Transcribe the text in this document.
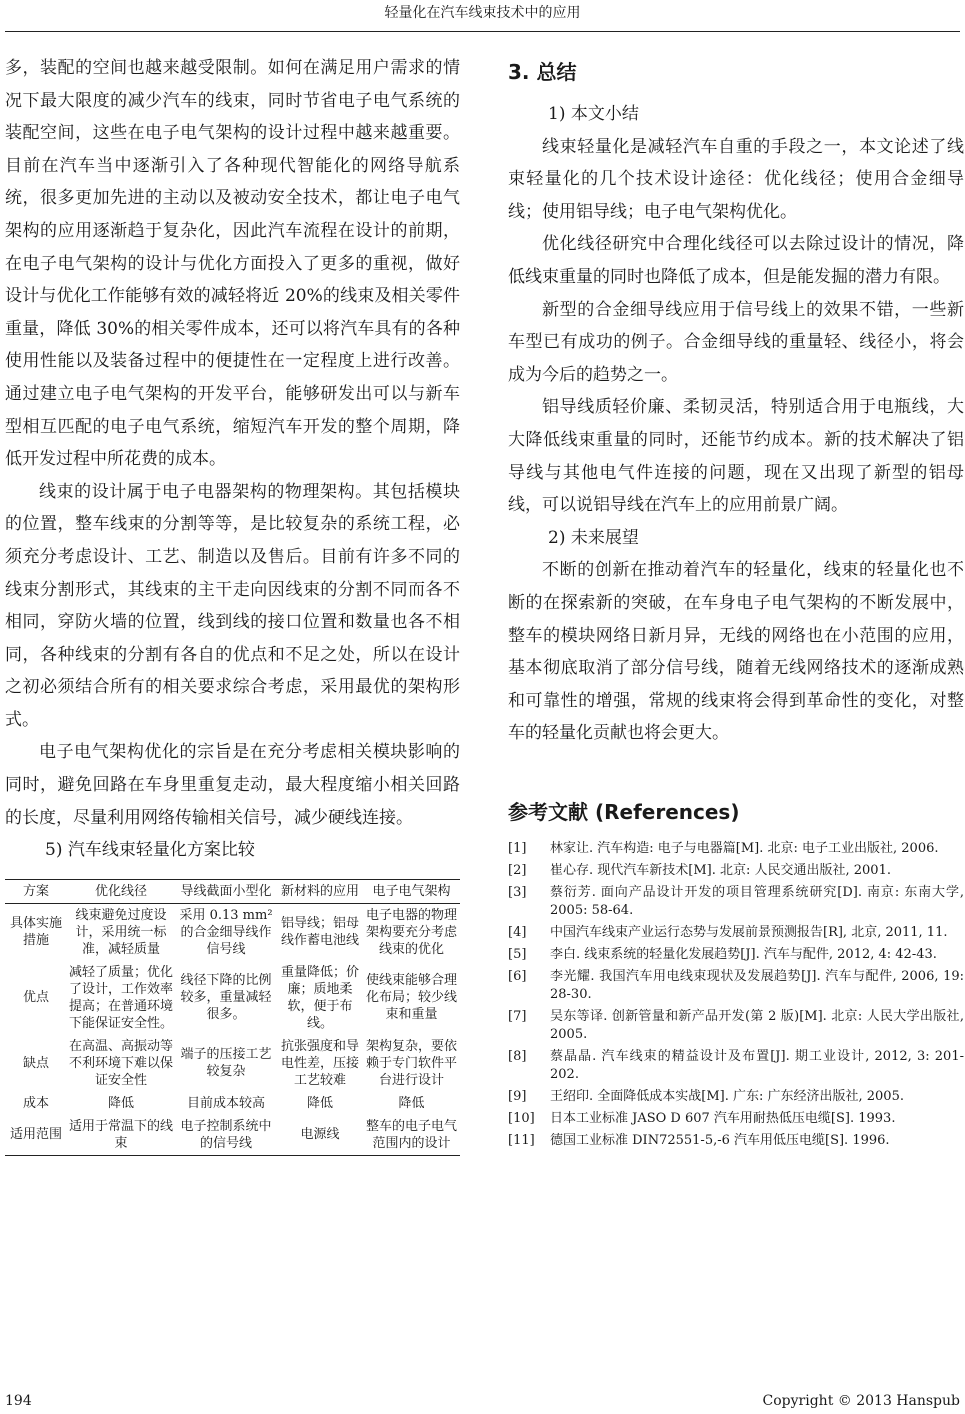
轻量化在汽车线束技术中的应用

多，装配的空间也越来越受限制。如何在满足用户需求的情况下最大限度的减少汽车的线束，同时节省电子电气系统的装配空间，这些在电子电气架构的设计过程中越来越重要。目前在汽车当中逐渐引入了各种现代智能化的网络导航系统，很多更加先进的主动以及被动安全技术，都让电子电气架构的应用逐渐趋于复杂化，因此汽车流程在设计的前期，在电子电气架构的设计与优化方面投入了更多的重视，做好设计与优化工作能够有效的减轻将近 20%的线束及相关零件重量，降低 30%的相关零件成本，还可以将汽车具有的各种使用性能以及装备过程中的便捷性在一定程度上进行改善。通过建立电子电气架构的开发平台，能够研发出可以与新车型相互匹配的电子电气系统，缩短汽车开发的整个周期，降低开发过程中所花费的成本。

线束的设计属于电子电器架构的物理架构。其包括模块的位置，整车线束的分割等等，是比较复杂的系统工程，必须充分考虑设计、工艺、制造以及售后。目前有许多不同的线束分割形式，其线束的主干走向因线束的分割不同而各不相同，穿防火墙的位置，线到线的接口位置和数量也各不相同，各种线束的分割有各自的优点和不足之处，所以在设计之初必须结合所有的相关要求综合考虑，采用最优的架构形式。

电子电气架构优化的宗旨是在充分考虑相关模块影响的同时，避免回路在车身里重复走动，最大程度缩小相关回路的长度，尽量利用网络传输相关信号，减少硬线连接。

5) 汽车线束轻量化方案比较

方案	优化线径	导线截面小型化	新材料的应用	电子电气架构
具体实施措施	线束避免过度设计，采用统一标准，减轻质量	采用 0.13 mm² 的合金细导线作信号线	铝导线；铝母线作蓄电池线	电子电器的物理架构要充分考虑线束的优化
优点	减轻了质量；优化了设计，工作效率提高；在普通环境下能保证安全性。	线径下降的比例较多，重量减轻很多。	重量降低；价廉；质地柔软，便于布线。	使线束能够合理化布局；较少线束和重量
缺点	在高温、高振动等不利环境下难以保证安全性	端子的压接工艺较复杂	抗张强度和导电性差，压接工艺较难	架构复杂，要依赖于专门软件平台进行设计
成本	降低	目前成本较高	降低	降低
适用范围	适用于常温下的线束	电子控制系统中的信号线	电源线	整车的电子电气范围内的设计
3. 总结

1) 本文小结

线束轻量化是减轻汽车自重的手段之一，本文论述了线束轻量化的几个技术设计途径：优化线径；使用合金细导线；使用铝导线；电子电气架构优化。

优化线径研究中合理化线径可以去除过设计的情况，降低线束重量的同时也降低了成本，但是能发掘的潜力有限。

新型的合金细导线应用于信号线上的效果不错，一些新车型已有成功的例子。合金细导线的重量轻、线径小，将会成为今后的趋势之一。

铝导线质轻价廉、柔韧灵活，特别适合用于电瓶线，大大降低线束重量的同时，还能节约成本。新的技术解决了铝导线与其他电气件连接的问题，现在又出现了新型的铝母线，可以说铝导线在汽车上的应用前景广阔。

2) 未来展望

不断的创新在推动着汽车的轻量化，线束的轻量化也不断的在探索新的突破，在车身电子电气架构的不断发展中，整车的模块网络日新月异，无线的网络也在小范围的应用，基本彻底取消了部分信号线，随着无线网络技术的逐渐成熟和可靠性的增强，常规的线束将会得到革命性的变化，对整车的轻量化贡献也将会更大。

参考文献 (References)
[1] 林家让. 汽车构造: 电子与电器篇[M]. 北京: 电子工业出版社, 2006.
[2] 崔心存. 现代汽车新技术[M]. 北京: 人民交通出版社, 2001.
[3] 蔡衍芳. 面向产品设计开发的项目管理系统研究[D]. 南京: 东南大学, 2005: 58-64.
[4] 中国汽车线束产业运行态势与发展前景预测报告[R], 北京, 2011, 11.
[5] 李白. 线束系统的轻量化发展趋势[J]. 汽车与配件, 2012, 4: 42-43.
[6] 李光耀. 我国汽车用电线束现状及发展趋势[J]. 汽车与配件, 2006, 19: 28-30.
[7] 吴东等译. 创新管量和新产品开发(第 2 版)[M]. 北京: 人民大学出版社, 2005.
[8] 蔡晶晶. 汽车线束的精益设计及布置[J]. 期工业设计, 2012, 3: 201-202.
[9] 王绍印. 全面降低成本实战[M]. 广东: 广东经济出版社, 2005.
[10] 日本工业标准 JASO D 607 汽车用耐热低压电缆[S]. 1993.
[11] 德国工业标准 DIN72551-5,-6 汽车用低压电缆[S]. 1996.
194	Copyright © 2013 Hanspub
